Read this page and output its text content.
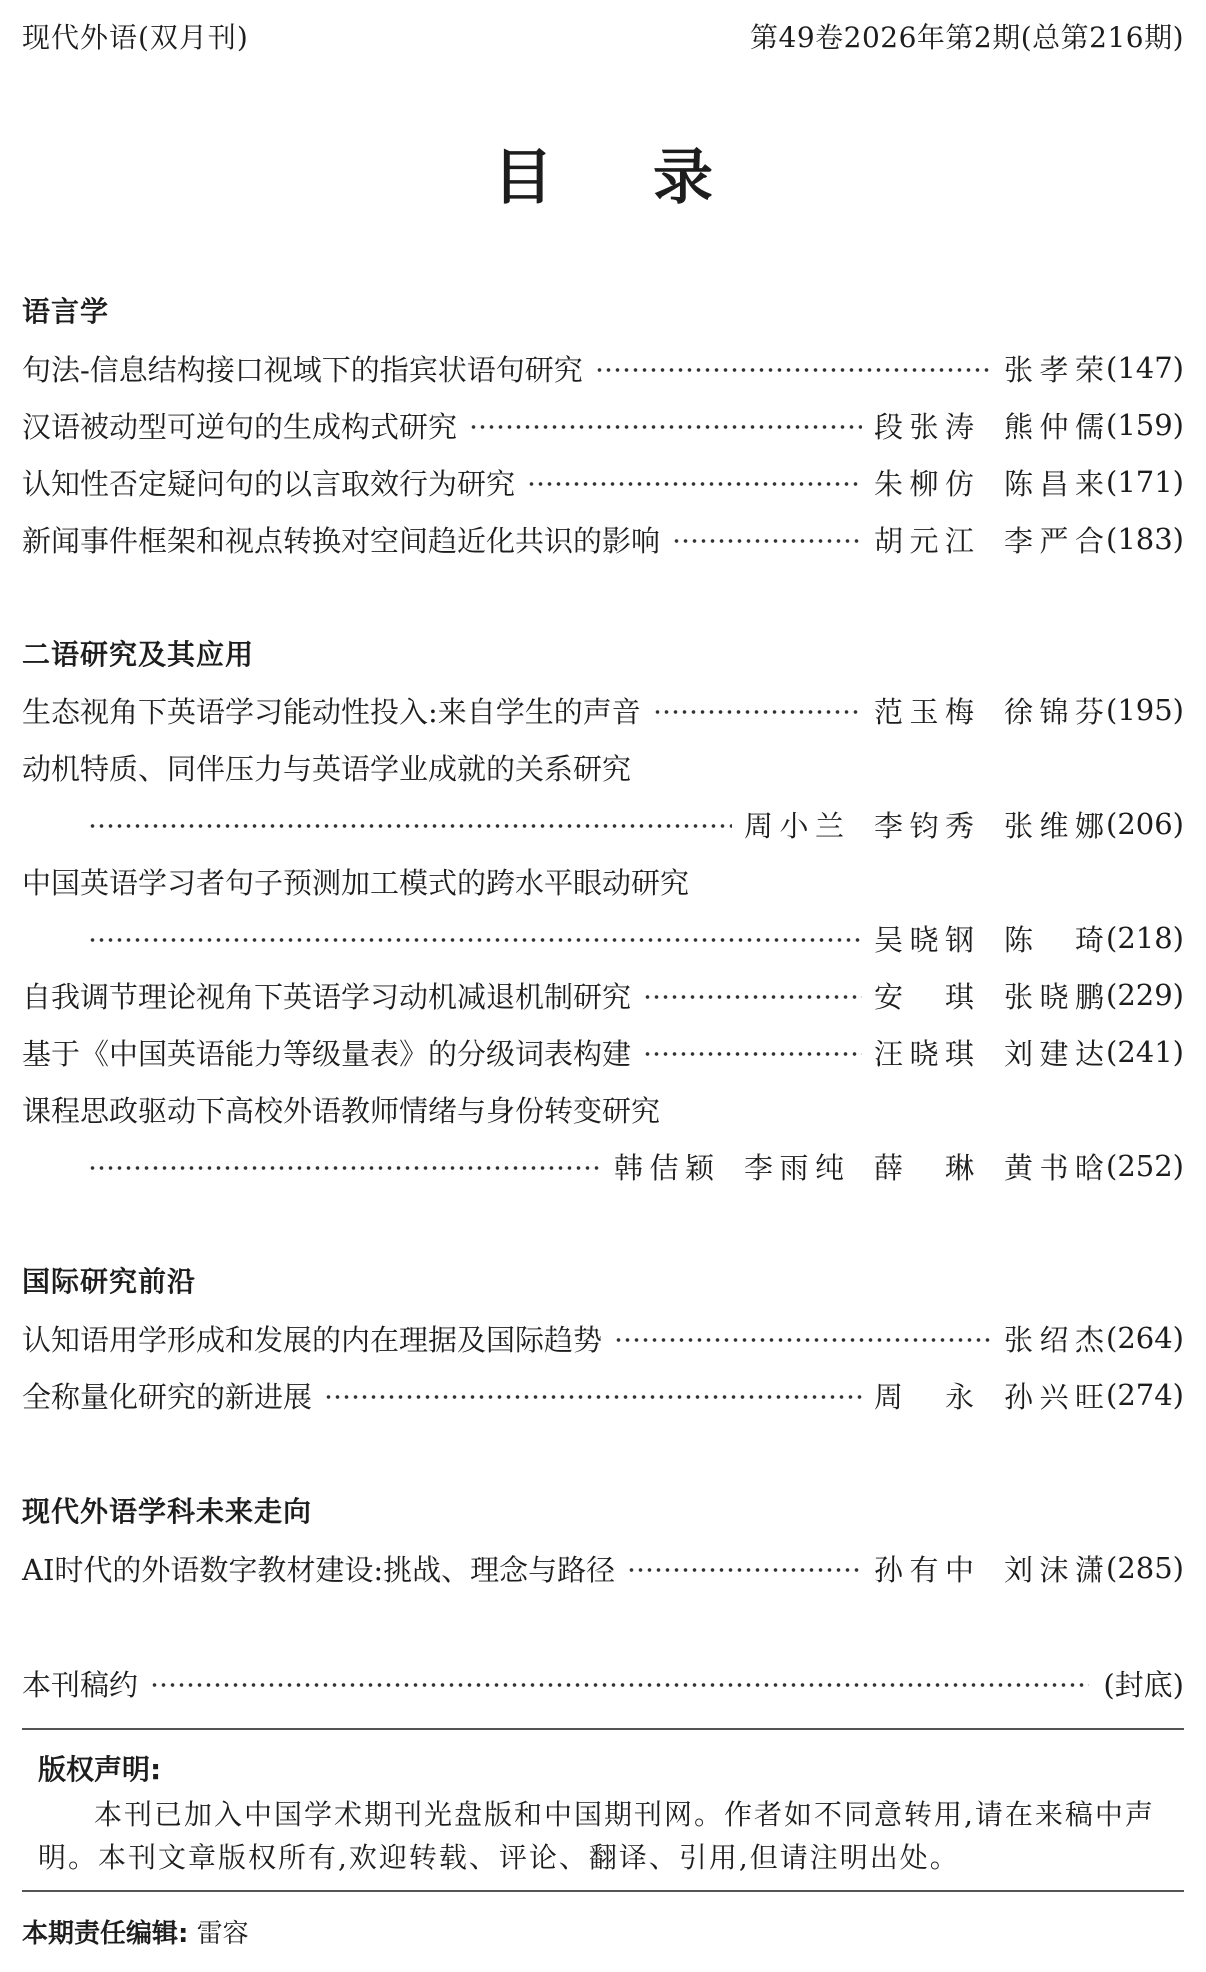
现代外语(双月刊)	第49卷2026年第2期(总第216期)
目录
语言学
句法-信息结构接口视域下的指宾状语句研究	张孝荣 (147)
汉语被动型可逆句的生成构式研究	段张涛 熊仲儒 (159)
认知性否定疑问句的以言取效行为研究	朱柳仿 陈昌来 (171)
新闻事件框架和视点转换对空间趋近化共识的影响	胡元江 李严合 (183)
二语研究及其应用
生态视角下英语学习能动性投入:来自学生的声音	范玉梅 徐锦芬 (195)
动机特质、同伴压力与英语学业成就的关系研究
周小兰 李钧秀 张维娜 (206)
中国英语学习者句子预测加工模式的跨水平眼动研究
吴晓钢 陈琦 (218)
自我调节理论视角下英语学习动机减退机制研究	安琪 张晓鹏 (229)
基于《中国英语能力等级量表》的分级词表构建	汪晓琪 刘建达 (241)
课程思政驱动下高校外语教师情绪与身份转变研究
韩佶颖 李雨纯 薛琳 黄书晗 (252)
国际研究前沿
认知语用学形成和发展的内在理据及国际趋势	张绍杰 (264)
全称量化研究的新进展	周永 孙兴旺 (274)
现代外语学科未来走向
AI时代的外语数字教材建设:挑战、理念与路径	孙有中 刘沫潇 (285)
本刊稿约	(封底)
版权声明:
本刊已加入中国学术期刊光盘版和中国期刊网。作者如不同意转用,请在来稿中声明。本刊文章版权所有,欢迎转载、评论、翻译、引用,但请注明出处。
本期责任编辑: 雷容
